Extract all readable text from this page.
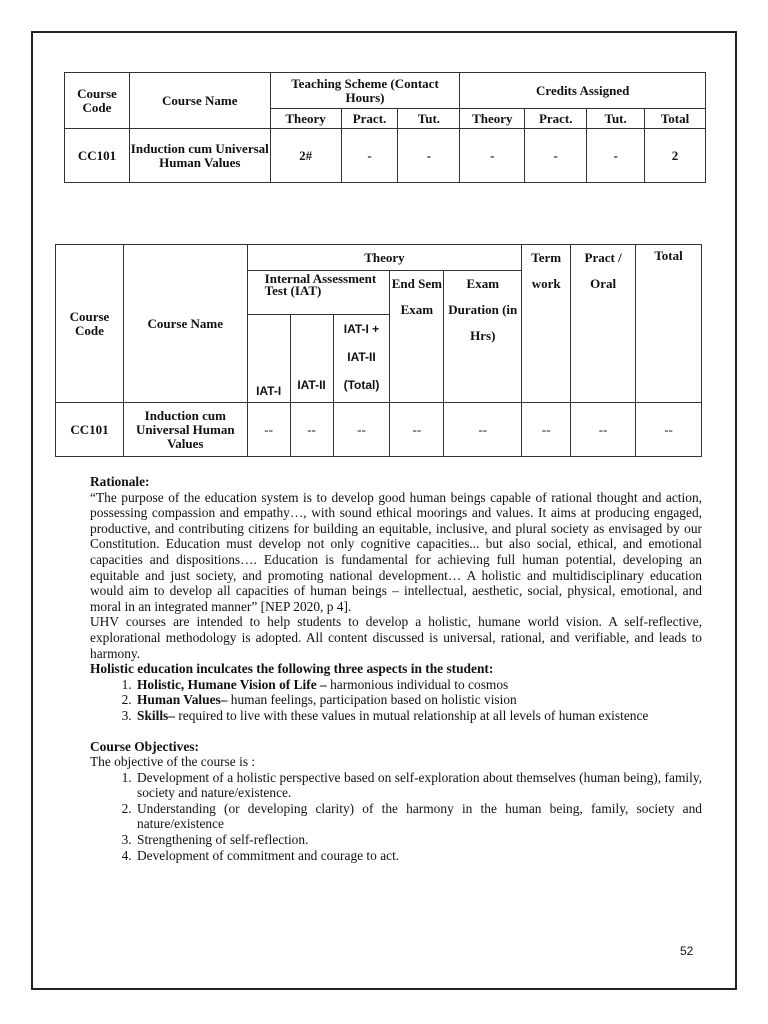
Course Code	Course Name	Teaching Scheme (Contact Hours)			Credits Assigned			
		Theory	Pract.	Tut.	Theory	Pract.	Tut.	Total
CC101	Induction cum Universal Human Values	2#	-	-	-	-	-	2
Course Code	Course Name	Theory					Term work	Pract / Oral	Total
		Internal Assessment Test (IAT)			End Sem Exam	Exam Duration (in Hrs)			
		IAT-I	IAT-II	IAT-I + IAT-II (Total)					
CC101	Induction cum Universal Human Values	--	--	--	--	--	--	--	--

Rationale:

“The purpose of the education system is to develop good human beings capable of rational thought and action, possessing compassion and empathy…, with sound ethical moorings and values. It aims at producing engaged, productive, and contributing citizens for building an equitable, inclusive, and plural society as envisaged by our Constitution. Education must develop not only cognitive capacities... but also social, ethical, and emotional capacities and dispositions…. Education is fundamental for achieving full human potential, developing an equitable and just society, and promoting national development… A holistic and multidisciplinary education would aim to develop all capacities of human beings – intellectual, aesthetic, social, physical, emotional, and moral in an integrated manner” [NEP 2020, p 4].

UHV courses are intended to help students to develop a holistic, humane world vision. A self-reflective, explorational methodology is adopted. All content discussed is universal, rational, and verifiable, and leads to harmony.

Holistic education inculcates the following three aspects in the student:

1. Holistic, Humane Vision of Life – harmonious individual to cosmos
2. Human Values– human feelings, participation based on holistic vision
3. Skills– required to live with these values in mutual relationship at all levels of human existence

Course Objectives:

The objective of the course is :

1. Development of a holistic perspective based on self-exploration about themselves (human being), family, society and nature/existence.
2. Understanding (or developing clarity) of the harmony in the human being, family, society and nature/existence
3. Strengthening of self-reflection.
4. Development of commitment and courage to act.
52
